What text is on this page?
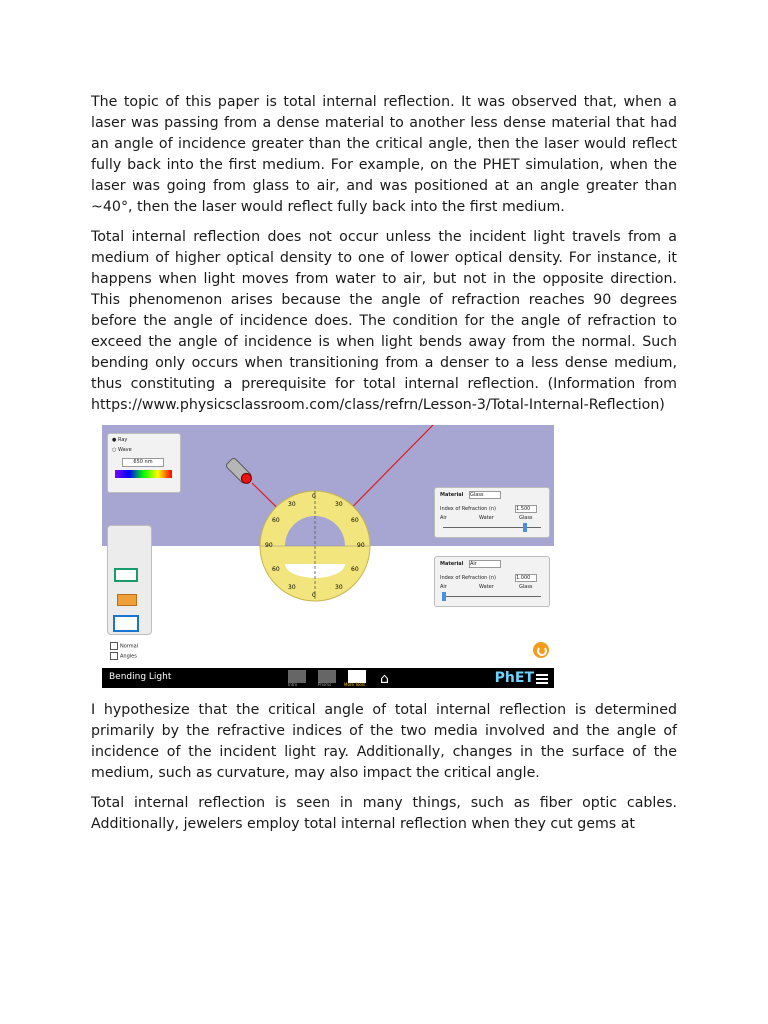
The topic of this paper is total internal reflection. It was observed that, when a laser was passing from a dense material to another less dense material that had an angle of incidence greater than the critical angle, then the laser would reflect fully back into the first medium. For example, on the PHET simulation, when the laser was going from glass to air, and was positioned at an angle greater than ~40°, then the laser would reflect fully back into the first medium.

Total internal reflection does not occur unless the incident light travels from a medium of higher optical density to one of lower optical density. For instance, it happens when light moves from water to air, but not in the opposite direction. This phenomenon arises because the angle of refraction reaches 90 degrees before the angle of incidence does. The condition for the angle of refraction to exceed the angle of incidence is when light bends away from the normal. Such bending only occurs when transitioning from a denser to a less dense medium, thus constituting a prerequisite for total internal reflection. (Information from https://www.physicsclassroom.com/class/refrn/Lesson-3/Total-Internal-Reflection)

30	30
60	60
90	90
60	60
30	30
0
0
● Ray
○ Wave
650 nm
Material Glass
Index of Refraction (n)	1.500
Air	Water	Glass
Material Air
Index of Refraction (n)	1.000
Air	Water	Glass
Normal
Angles
Bending Light
Intro	Prisms	More Tools ⌂	PhET

I hypothesize that the critical angle of total internal reflection is determined primarily by the refractive indices of the two media involved and the angle of incidence of the incident light ray. Additionally, changes in the surface of the medium, such as curvature, may also impact the critical angle.

Total internal reflection is seen in many things, such as fiber optic cables. Additionally, jewelers employ total internal reflection when they cut gems at
